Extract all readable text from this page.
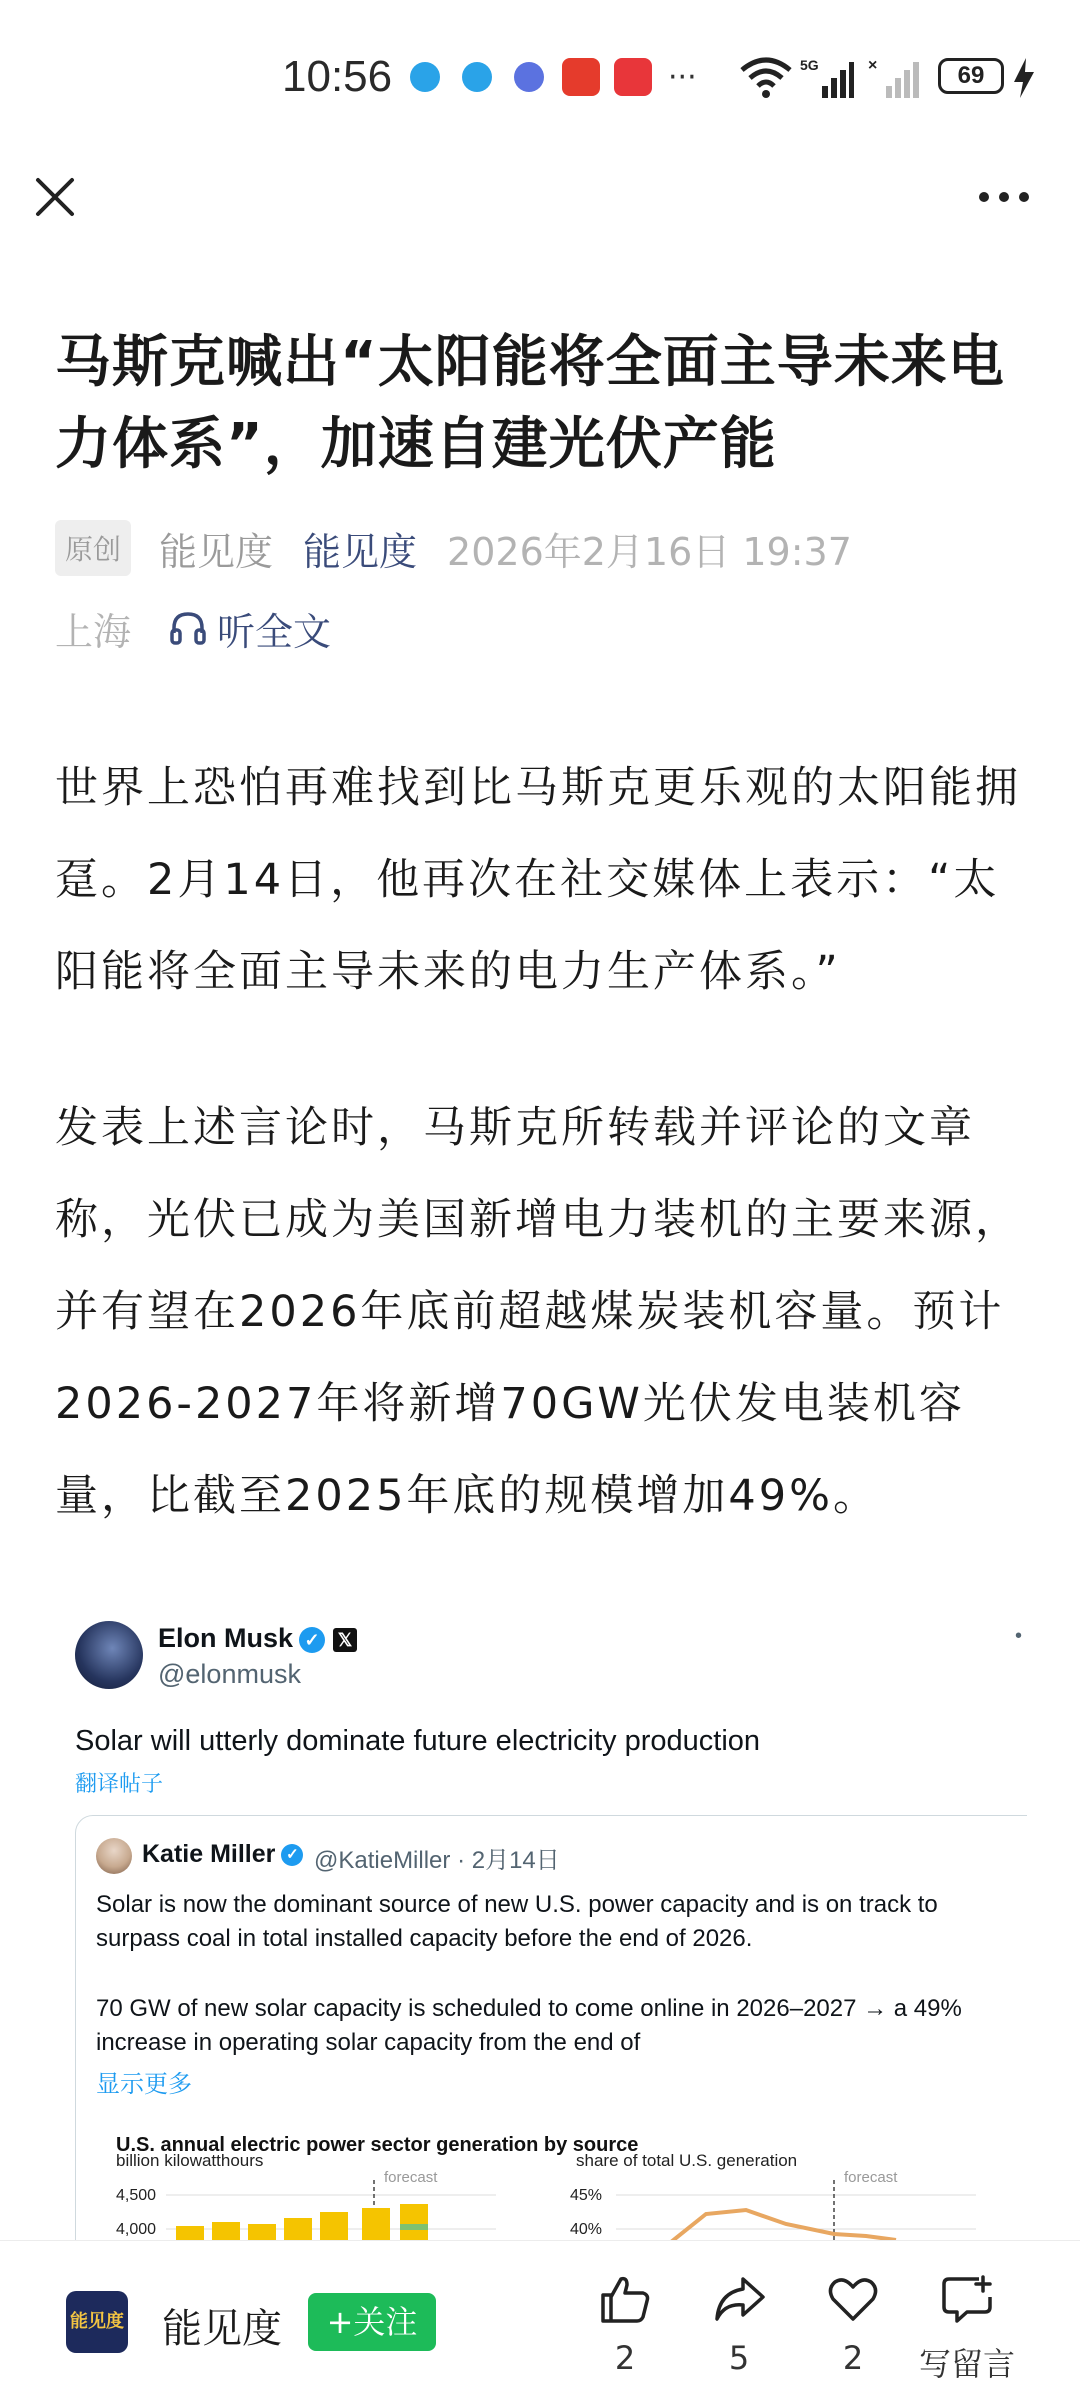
10:56	···	5G	×	69
马斯克喊出“太阳能将全面主导未来电力体系”，加速自建光伏产能
原创 能见度 能见度 2026年2月16日 19:37
上海 听全文
世界上恐怕再难找到比马斯克更乐观的太阳能拥趸。2月14日，他再次在社交媒体上表示：“太阳能将全面主导未来的电力生产体系。”
发表上述言论时，马斯克所转载并评论的文章称，光伏已成为美国新增电力装机的主要来源，并有望在2026年底前超越煤炭装机容量。预计2026-2027年将新增70GW光伏发电装机容量，比截至2025年底的规模增加49%。
Elon Musk ✓ 𝕏
@elonmusk
•
Solar will utterly dominate future electricity production
翻译帖子
Katie Miller ✓ @KatieMiller · 2月14日
Solar is now the dominant source of new U.S. power capacity and is on track to surpass coal in total installed capacity before the end of 2026.
70 GW of new solar capacity is scheduled to come online in 2026–2027 → a 49% increase in operating solar capacity from the end of
显示更多
U.S. annual electric power sector generation by source
billion kilowatthours
forecast
4,500
4,000
share of total U.S. generation
forecast
45%
40%
能见度 能见度	+关注
2	5	2	写留言
